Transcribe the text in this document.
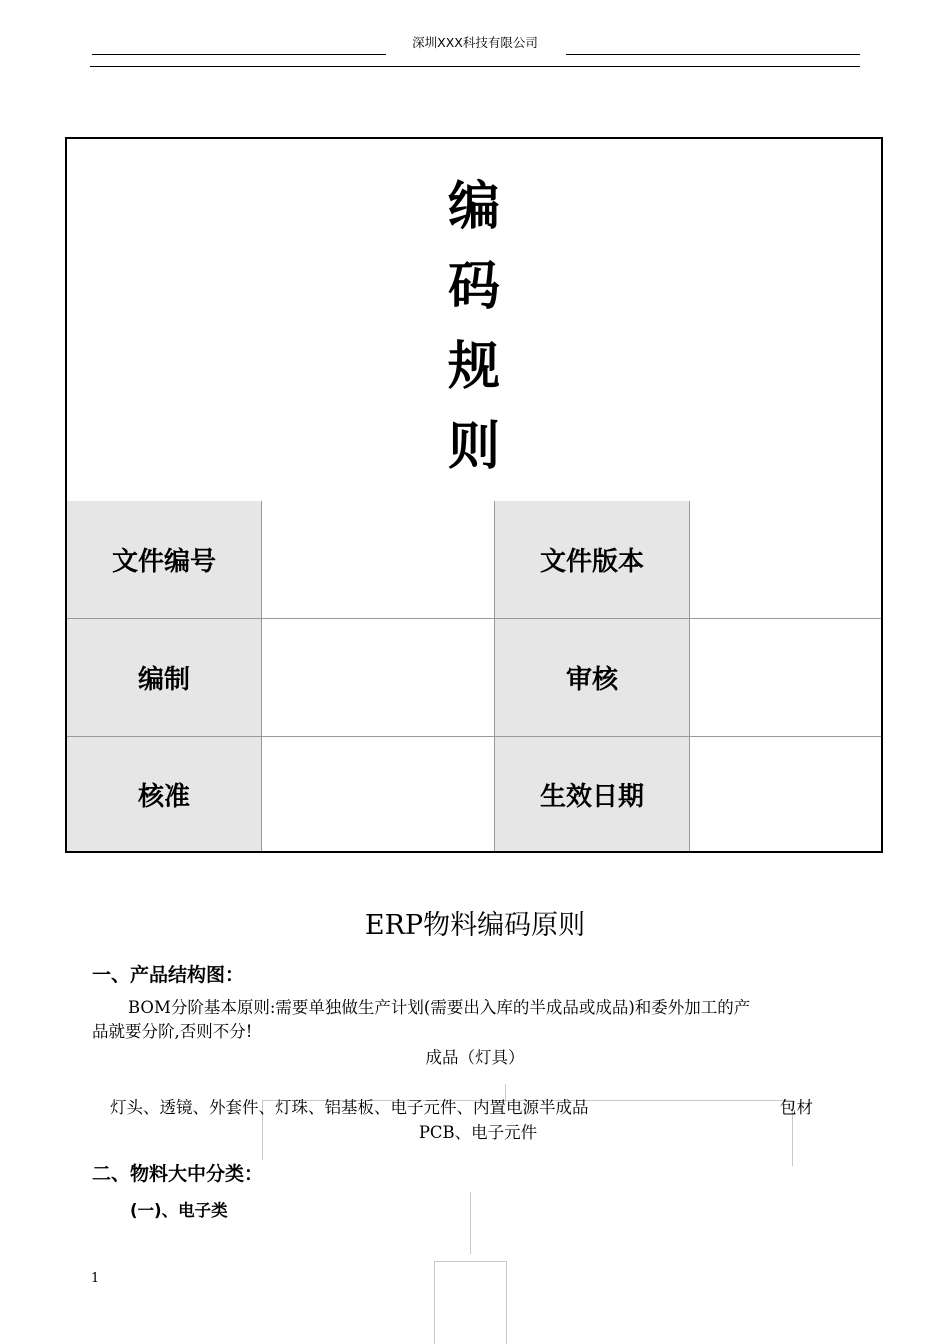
深圳XXX科技有限公司
编
码
规
则
文件编号	文件版本
编制	审核
核准	生效日期
ERP物料编码原则
一、产品结构图：
BOM分阶基本原则:需要单独做生产计划(需要出入库的半成品或成品)和委外加工的产
品就要分阶,否则不分!
成品（灯具）
灯头、透镜、外套件、灯珠、铝基板、电子元件、内置电源半成品	包材
PCB、电子元件
二、物料大中分类：
(一)、电子类
1
